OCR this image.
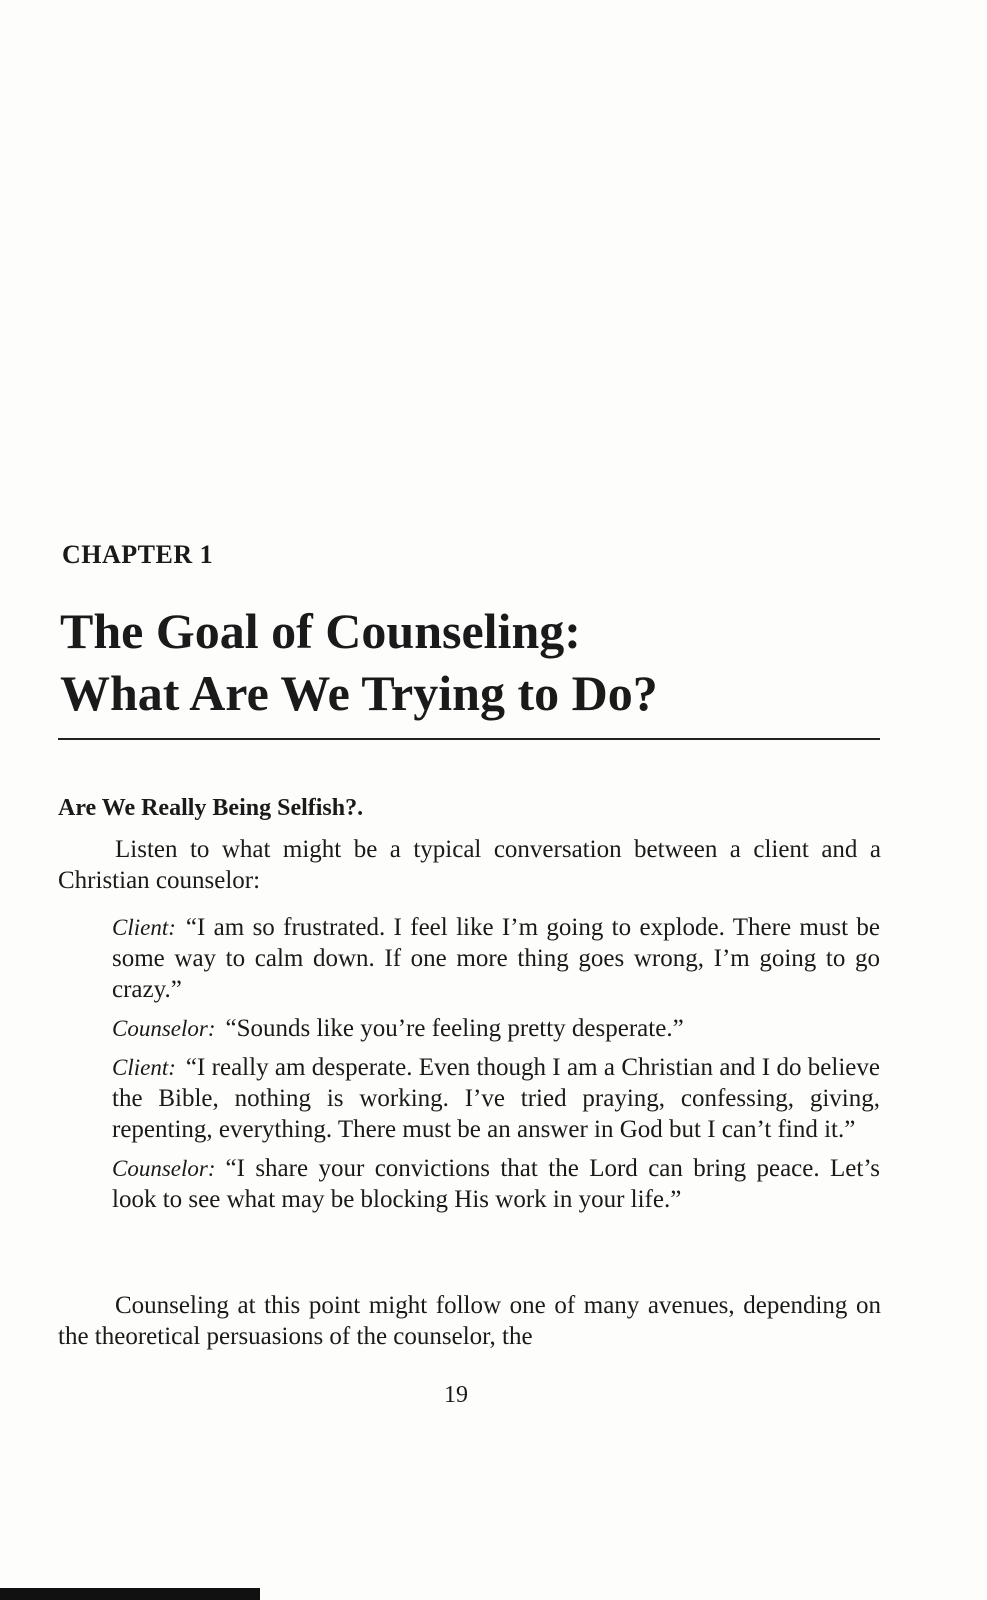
CHAPTER 1
The Goal of Counseling:
What Are We Trying to Do?
Are We Really Being Selfish?.
Listen to what might be a typical conversation between a client and a Christian counselor:
Client: “I am so frustrated. I feel like I’m going to explode. There must be some way to calm down. If one more thing goes wrong, I’m going to go crazy.”
Counselor: “Sounds like you’re feeling pretty desperate.”
Client: “I really am desperate. Even though I am a Christian and I do believe the Bible, nothing is working. I’ve tried praying, confessing, giving, repenting, everything. There must be an answer in God but I can’t find it.”
Counselor: “I share your convictions that the Lord can bring peace. Let’s look to see what may be blocking His work in your life.”
Counseling at this point might follow one of many avenues, depending on the theoretical persuasions of the counselor, the
19
